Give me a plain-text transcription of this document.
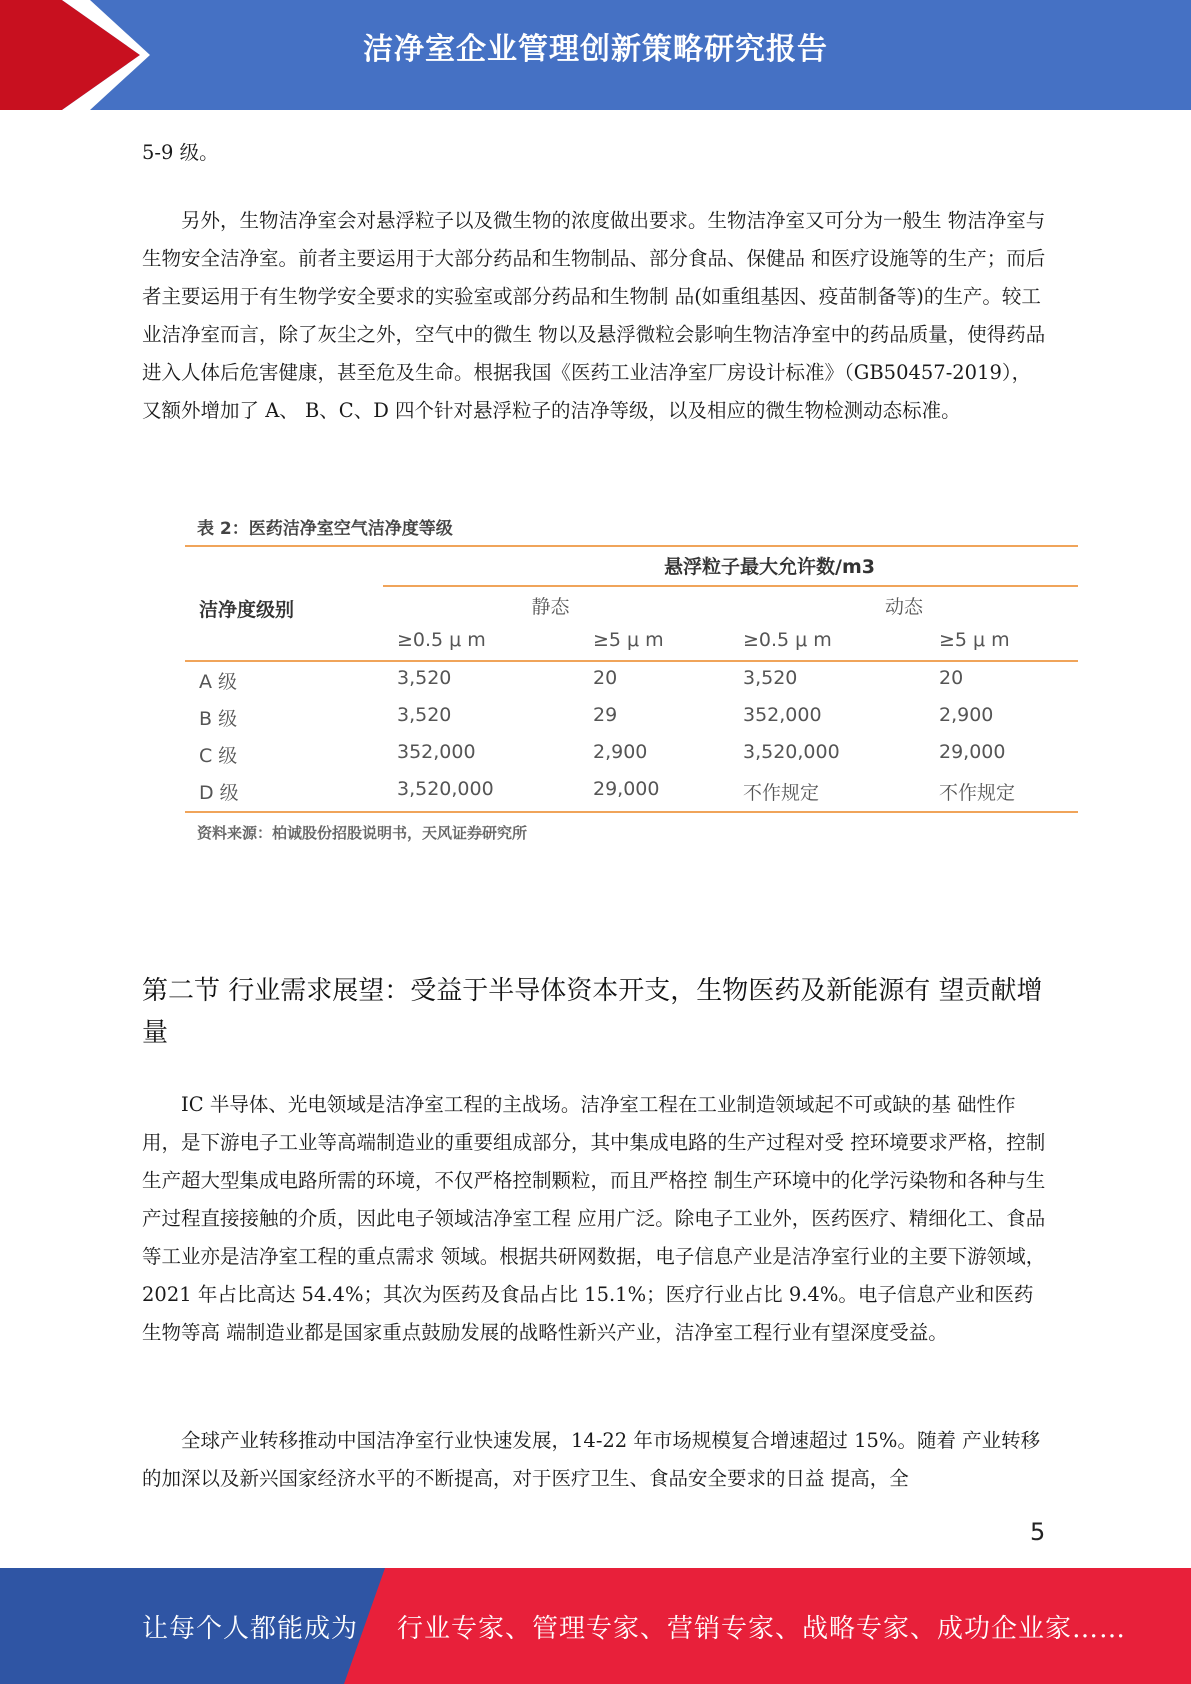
洁净室企业管理创新策略研究报告
5-9 级。

另外，生物洁净室会对悬浮粒子以及微生物的浓度做出要求。生物洁净室又可分为一般生 物洁净室与生物安全洁净室。前者主要运用于大部分药品和生物制品、部分食品、保健品 和医疗设施等的生产；而后者主要运用于有生物学安全要求的实验室或部分药品和生物制 品(如重组基因、疫苗制备等)的生产。较工业洁净室而言，除了灰尘之外，空气中的微生 物以及悬浮微粒会影响生物洁净室中的药品质量，使得药品进入人体后危害健康，甚至危及生命。根据我国《医药工业洁净室厂房设计标准》（GB50457-2019），又额外增加了 A、 B、C、D 四个针对悬浮粒子的洁净等级，以及相应的微生物检测动态标准。

表 2：医药洁净室空气洁净度等级
悬浮粒子最大允许数/m3
洁净度级别	静态	动态
≥0.5 μ m	≥5 μ m	≥0.5 μ m	≥5 μ m
A 级	3,520	20	3,520	20
B 级	3,520	29	352,000	2,900
C 级	352,000	2,900	3,520,000	29,000
D 级	3,520,000	29,000	不作规定	不作规定
资料来源：柏诚股份招股说明书，天风证券研究所
第二节 行业需求展望：受益于半导体资本开支，生物医药及新能源有 望贡献增量

IC 半导体、光电领域是洁净室工程的主战场。洁净室工程在工业制造领域起不可或缺的基 础性作用，是下游电子工业等高端制造业的重要组成部分，其中集成电路的生产过程对受 控环境要求严格，控制生产超大型集成电路所需的环境，不仅严格控制颗粒，而且严格控 制生产环境中的化学污染物和各种与生产过程直接接触的介质，因此电子领域洁净室工程 应用广泛。除电子工业外，医药医疗、精细化工、食品等工业亦是洁净室工程的重点需求 领域。根据共研网数据，电子信息产业是洁净室行业的主要下游领域，2021 年占比高达 54.4%；其次为医药及食品占比 15.1%；医疗行业占比 9.4%。电子信息产业和医药生物等高 端制造业都是国家重点鼓励发展的战略性新兴产业，洁净室工程行业有望深度受益。

全球产业转移推动中国洁净室行业快速发展，14-22 年市场规模复合增速超过 15%。随着 产业转移的加深以及新兴国家经济水平的不断提高，对于医疗卫生、食品安全要求的日益 提高，全

5
让每个人都能成为 行业专家、管理专家、营销专家、战略专家、成功企业家……
